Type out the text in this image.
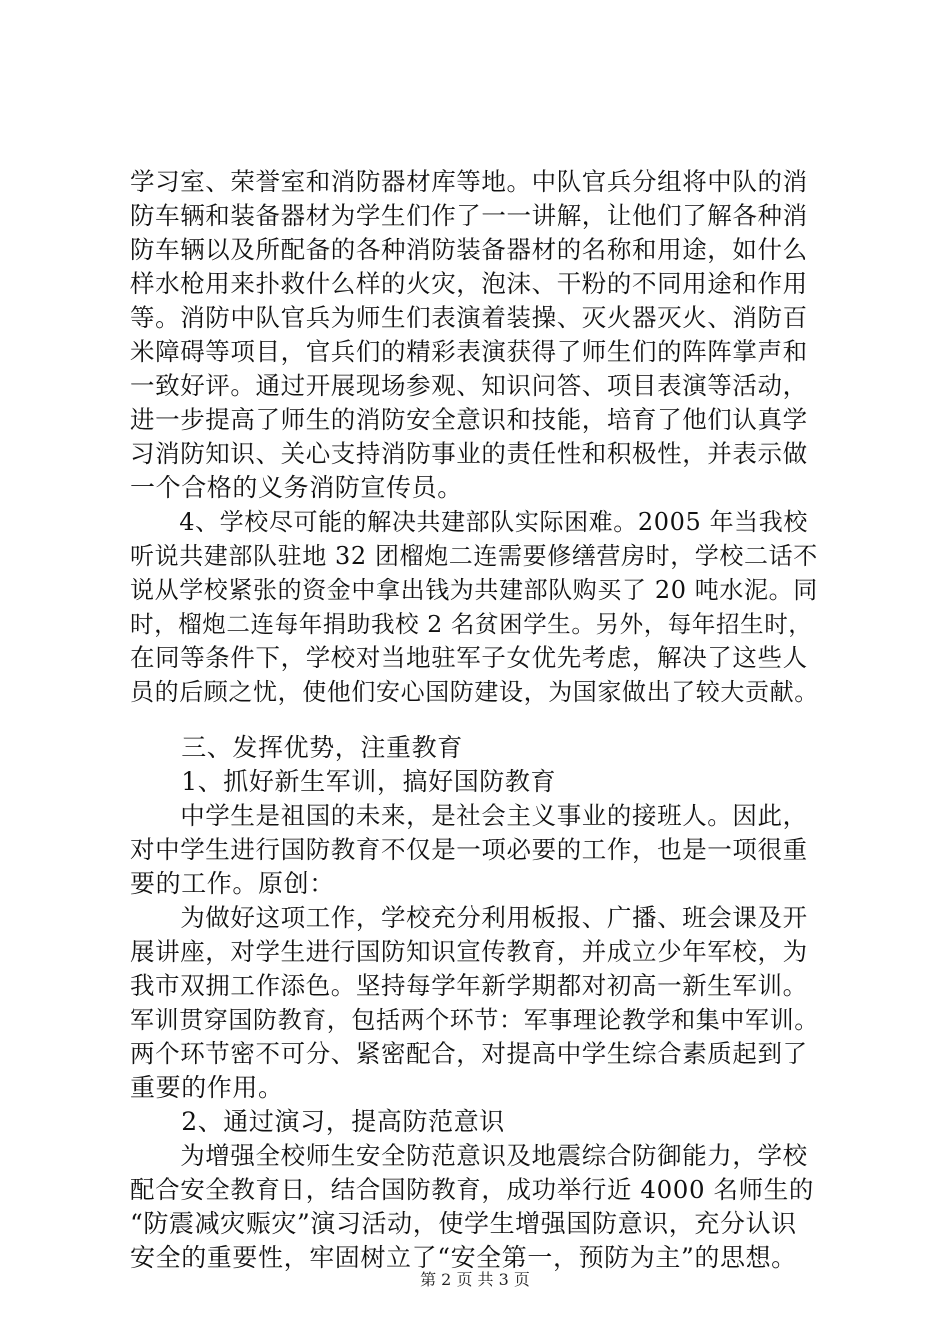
学习室、荣誉室和消防器材库等地。中队官兵分组将中队的消
防车辆和装备器材为学生们作了一一讲解，让他们了解各种消
防车辆以及所配备的各种消防装备器材的名称和用途，如什么
样水枪用来扑救什么样的火灾，泡沫、干粉的不同用途和作用
等。消防中队官兵为师生们表演着装操、灭火器灭火、消防百
米障碍等项目，官兵们的精彩表演获得了师生们的阵阵掌声和
一致好评。通过开展现场参观、知识问答、项目表演等活动，
进一步提高了师生的消防安全意识和技能，培育了他们认真学
习消防知识、关心支持消防事业的责任性和积极性，并表示做
一个合格的义务消防宣传员。
　　4、学校尽可能的解决共建部队实际困难。2005 年当我校
听说共建部队驻地 32 团榴炮二连需要修缮营房时，学校二话不
说从学校紧张的资金中拿出钱为共建部队购买了 20 吨水泥。同
时，榴炮二连每年捐助我校 2 名贫困学生。另外，每年招生时，
在同等条件下，学校对当地驻军子女优先考虑，解决了这些人
员的后顾之忧，使他们安心国防建设，为国家做出了较大贡献。
　　三、发挥优势，注重教育
　　1、抓好新生军训，搞好国防教育
　　中学生是祖国的未来，是社会主义事业的接班人。因此，
对中学生进行国防教育不仅是一项必要的工作，也是一项很重
要的工作。原创：
　　为做好这项工作，学校充分利用板报、广播、班会课及开
展讲座，对学生进行国防知识宣传教育，并成立少年军校，为
我市双拥工作添色。坚持每学年新学期都对初高一新生军训。
军训贯穿国防教育，包括两个环节：军事理论教学和集中军训。
两个环节密不可分、紧密配合，对提高中学生综合素质起到了
重要的作用。
　　2、通过演习，提高防范意识
　　为增强全校师生安全防范意识及地震综合防御能力，学校
配合安全教育日，结合国防教育，成功举行近 4000 名师生的
“防震减灾赈灾”演习活动，使学生增强国防意识，充分认识
安全的重要性，牢固树立了“安全第一，预防为主”的思想。
第 2 页 共 3 页
